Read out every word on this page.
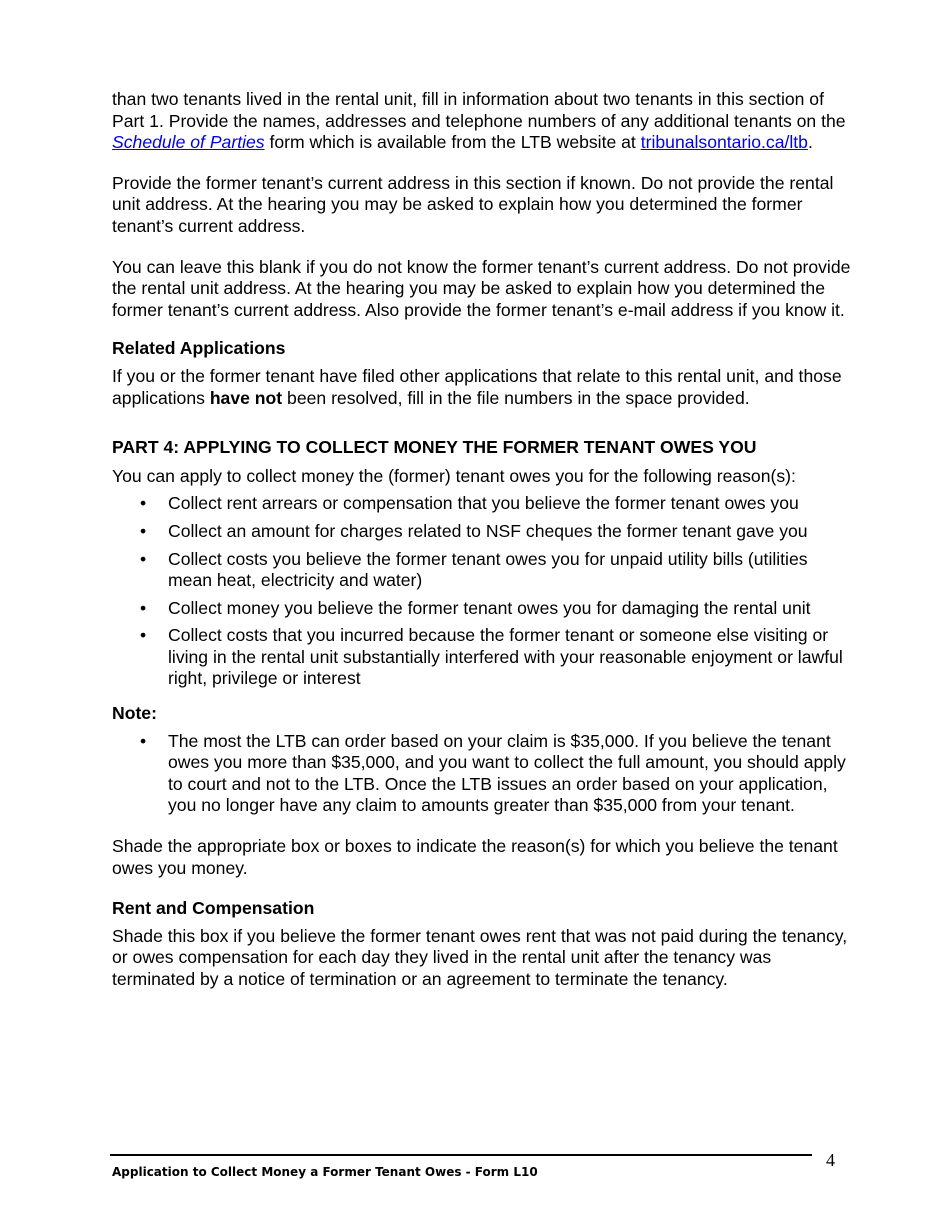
than two tenants lived in the rental unit, fill in information about two tenants in this section of Part 1. Provide the names, addresses and telephone numbers of any additional tenants on the Schedule of Parties form which is available from the LTB website at tribunalsontario.ca/ltb.

Provide the former tenant’s current address in this section if known. Do not provide the rental unit address. At the hearing you may be asked to explain how you determined the former tenant’s current address.

You can leave this blank if you do not know the former tenant’s current address. Do not provide the rental unit address. At the hearing you may be asked to explain how you determined the former tenant’s current address. Also provide the former tenant’s e-mail address if you know it.

Related Applications

If you or the former tenant have filed other applications that relate to this rental unit, and those applications have not been resolved, fill in the file numbers in the space provided.

PART 4: APPLYING TO COLLECT MONEY THE FORMER TENANT OWES YOU

You can apply to collect money the (former) tenant owes you for the following reason(s):

• Collect rent arrears or compensation that you believe the former tenant owes you
• Collect an amount for charges related to NSF cheques the former tenant gave you
• Collect costs you believe the former tenant owes you for unpaid utility bills (utilities mean heat, electricity and water)
• Collect money you believe the former tenant owes you for damaging the rental unit
• Collect costs that you incurred because the former tenant or someone else visiting or living in the rental unit substantially interfered with your reasonable enjoyment or lawful right, privilege or interest

Note:

• The most the LTB can order based on your claim is $35,000. If you believe the tenant owes you more than $35,000, and you want to collect the full amount, you should apply to court and not to the LTB. Once the LTB issues an order based on your application, you no longer have any claim to amounts greater than $35,000 from your tenant.

Shade the appropriate box or boxes to indicate the reason(s) for which you believe the tenant owes you money.

Rent and Compensation

Shade this box if you believe the former tenant owes rent that was not paid during the tenancy, or owes compensation for each day they lived in the rental unit after the tenancy was terminated by a notice of termination or an agreement to terminate the tenancy.

Application to Collect Money a Former Tenant Owes - Form L10
4
